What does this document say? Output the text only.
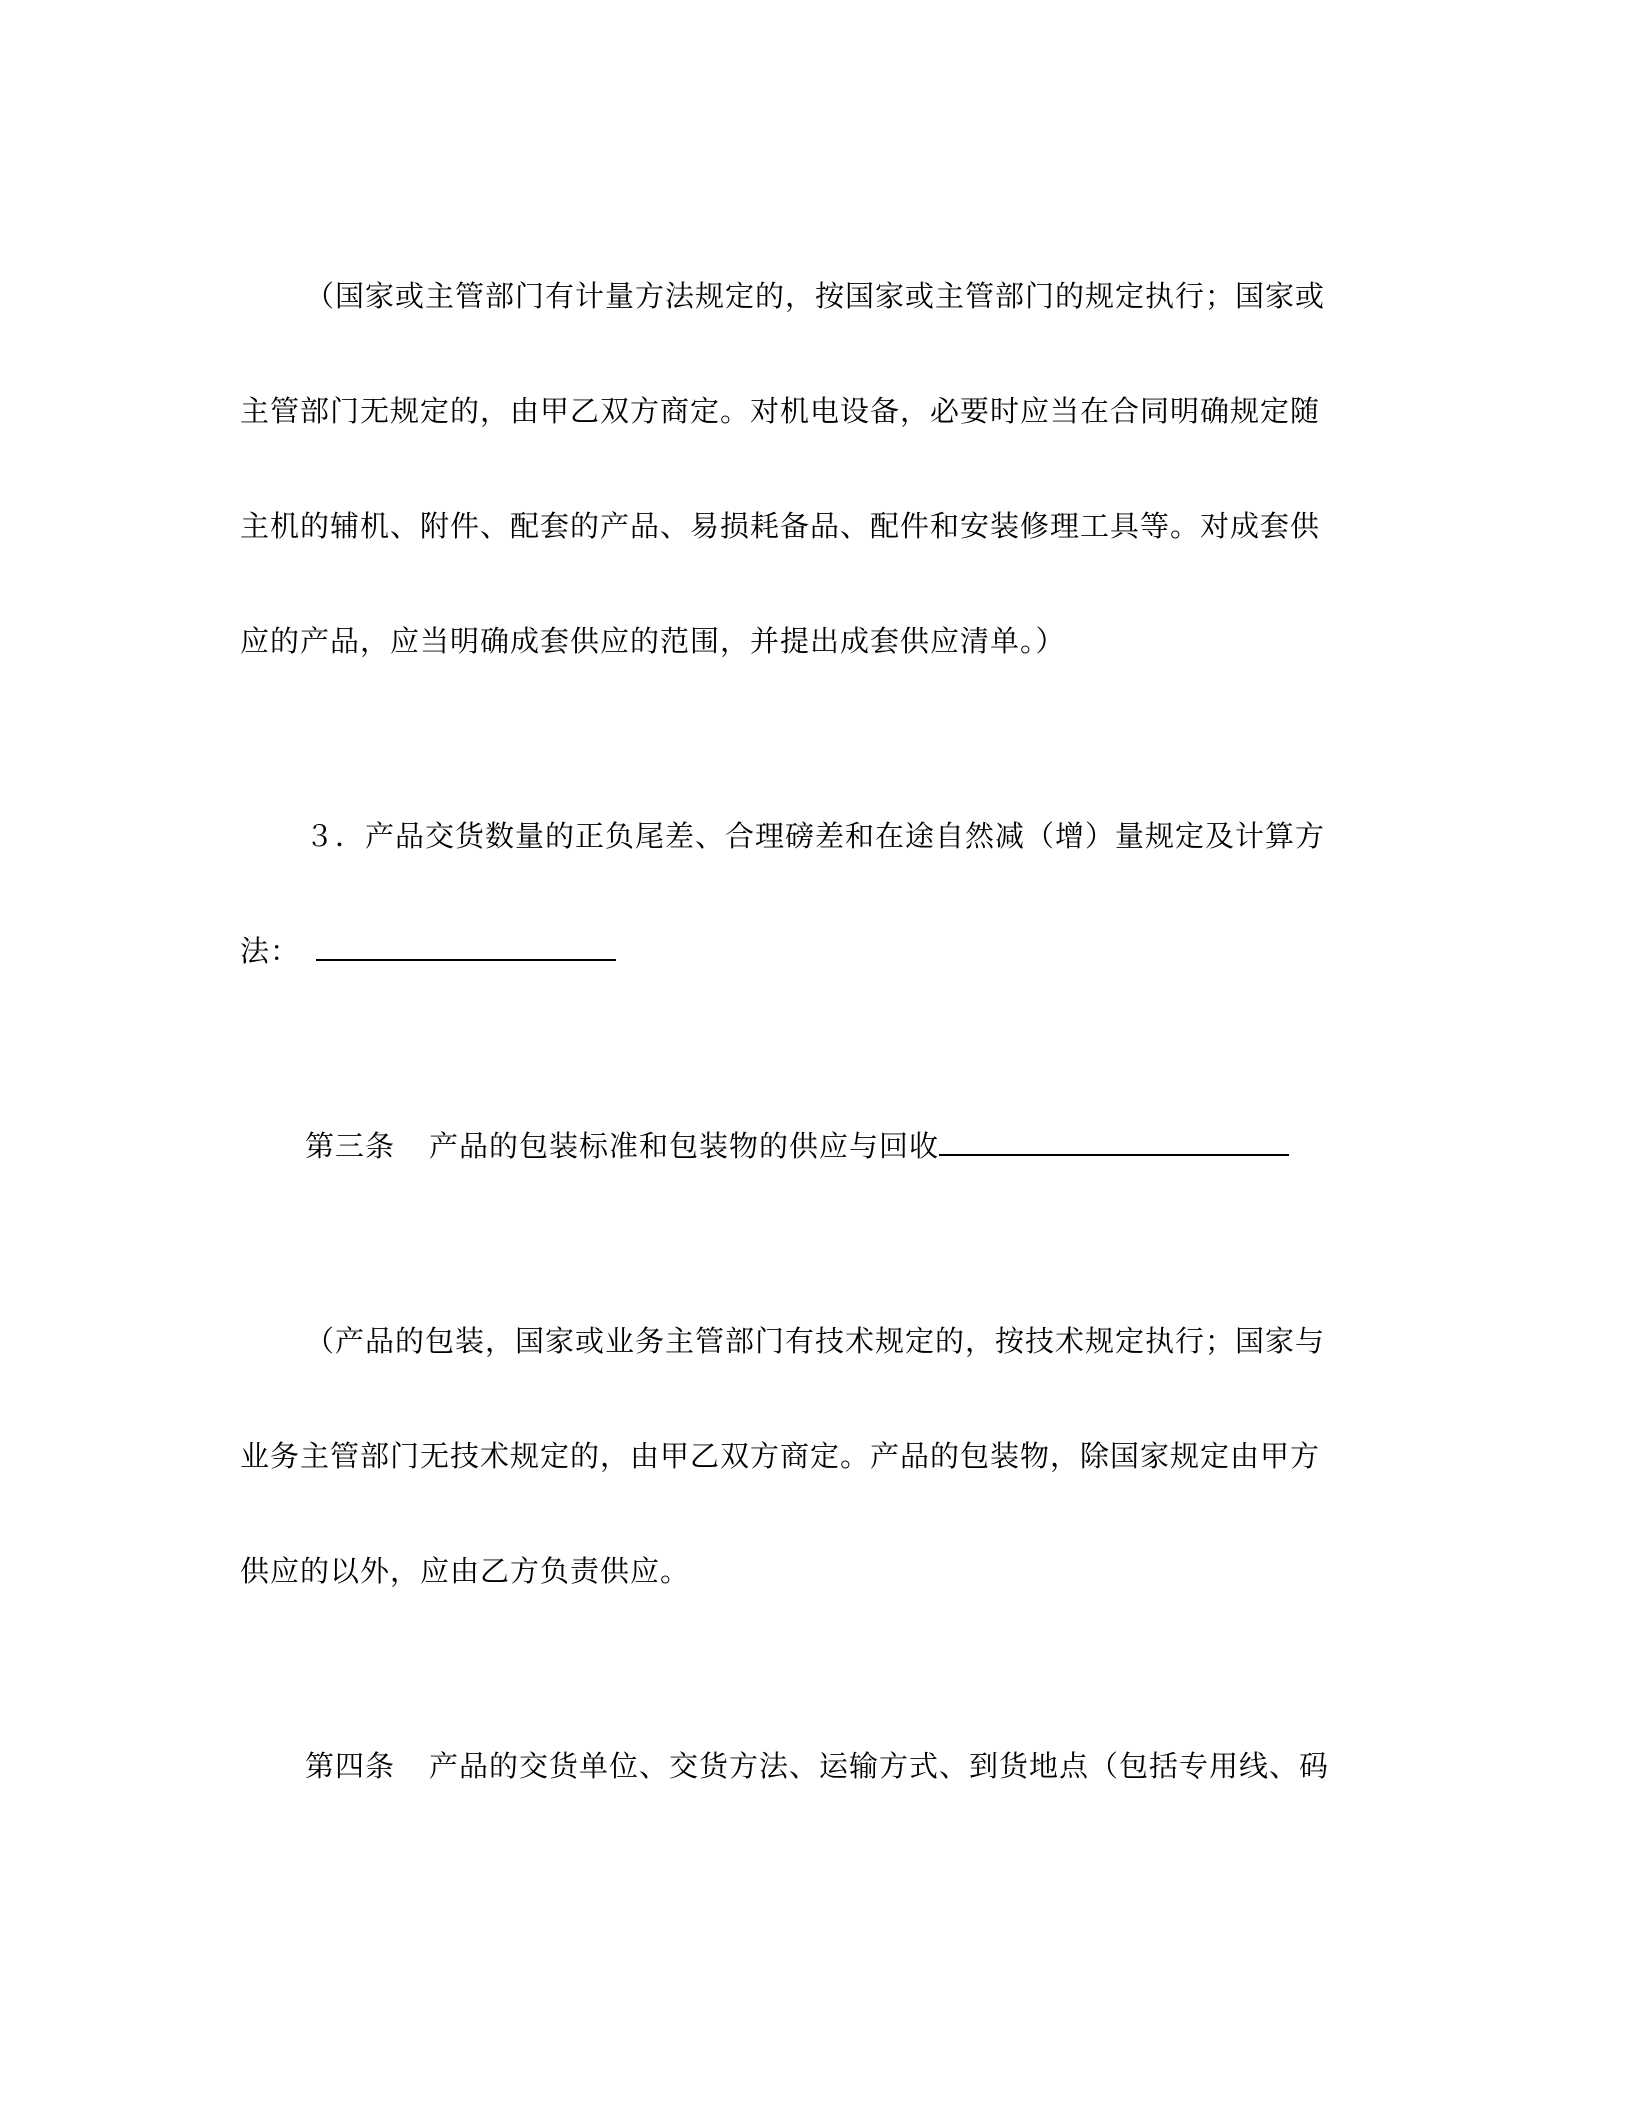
（国家或主管部门有计量方法规定的，按国家或主管部门的规定执行；国家或
主管部门无规定的，由甲乙双方商定。对机电设备，必要时应当在合同明确规定随
主机的辅机、附件、配套的产品、易损耗备品、配件和安装修理工具等。对成套供
应的产品，应当明确成套供应的范围，并提出成套供应清单。）
３．产品交货数量的正负尾差、合理磅差和在途自然减（增）量规定及计算方
法：
第三条 产品的包装标准和包装物的供应与回收
（产品的包装，国家或业务主管部门有技术规定的，按技术规定执行；国家与
业务主管部门无技术规定的，由甲乙双方商定。产品的包装物，除国家规定由甲方
供应的以外，应由乙方负责供应。
第四条 产品的交货单位、交货方法、运输方式、到货地点（包括专用线、码
